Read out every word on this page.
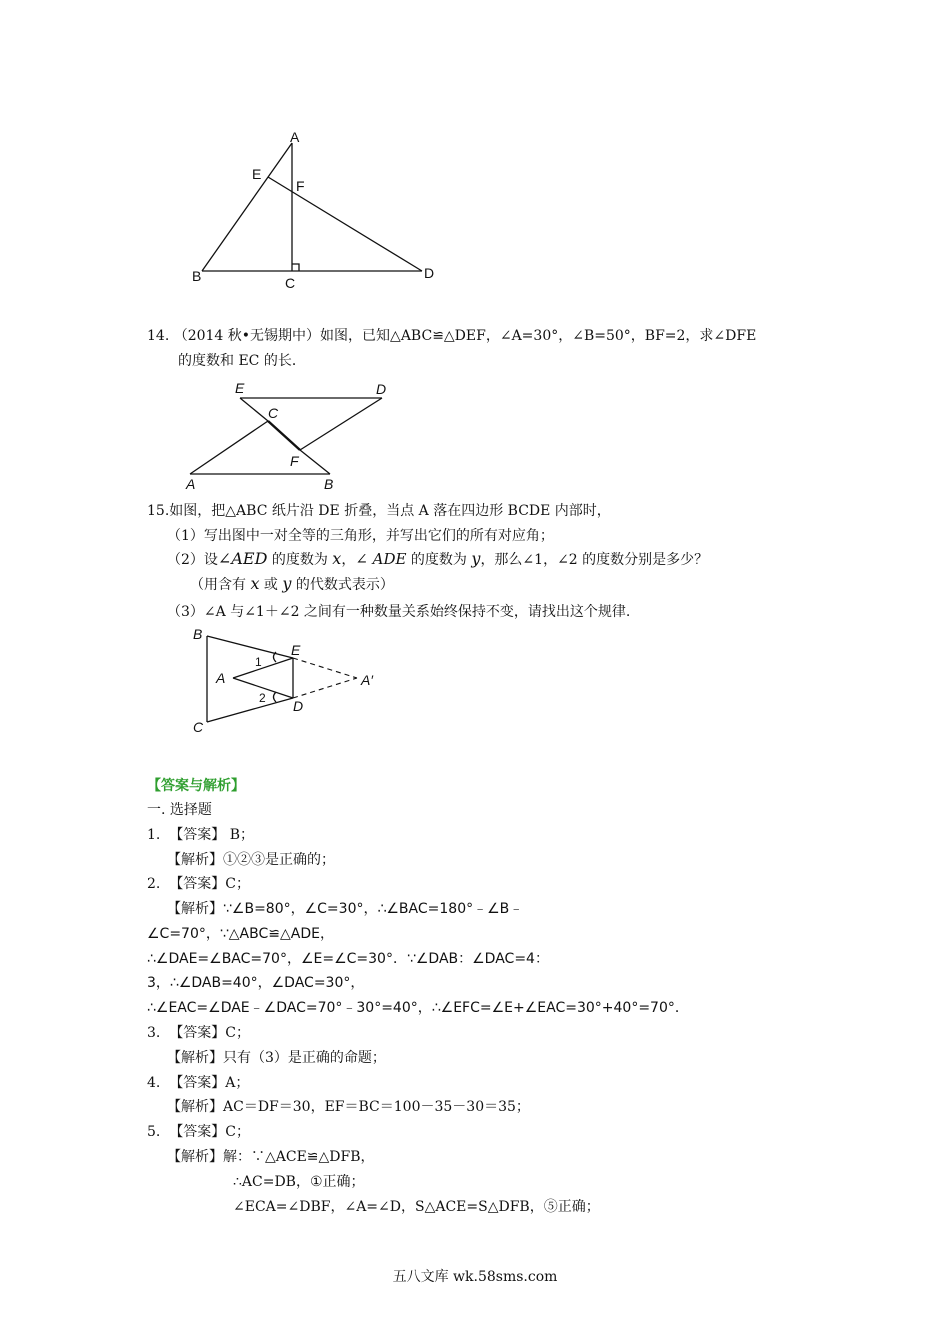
A
E
F
B	C
D
14. （2014 秋•无锡期中）如图，已知△ABC≌△DEF，∠A=30°，∠B=50°，BF=2，求∠DFE
的度数和 EC 的长．
E	D
C
F
A	B
15.如图，把△ABC 纸片沿 DE 折叠，当点 A 落在四边形 BCDE 内部时，
（1）写出图中一对全等的三角形，并写出它们的所有对应角；
（2）设∠AED 的度数为 x，∠ ADE 的度数为 y，那么∠1，∠2 的度数分别是多少？
（用含有 x 或 y 的代数式表示）
（3）∠A 与∠1＋∠2 之间有一种数量关系始终保持不变，请找出这个规律.
B
E
1
A	A′
2 D
C
【答案与解析】
一. 选择题
1. 【答案】 B；
【解析】①②③是正确的；
2. 【答案】C；
【解析】∵∠B=80°，∠C=30°，∴∠BAC=180°﹣∠B﹣
∠C=70°，∵△ABC≌△ADE，
∴∠DAE=∠BAC=70°，∠E=∠C=30°．∵∠DAB：∠DAC=4：
3，∴∠DAB=40°，∠DAC=30°，
∴∠EAC=∠DAE﹣∠DAC=70°﹣30°=40°，∴∠EFC=∠E+∠EAC=30°+40°=70°．
3. 【答案】C；
【解析】只有（3）是正确的命题；
4. 【答案】A；
【解析】AC＝DF＝30，EF＝BC＝100－35－30＝35；
5. 【答案】C；
【解析】解：∵△ACE≌△DFB，
∴AC=DB，①正确；
∠ECA=∠DBF，∠A=∠D，S△ACE=S△DFB，⑤正确；
五八文库 wk.58sms.com
